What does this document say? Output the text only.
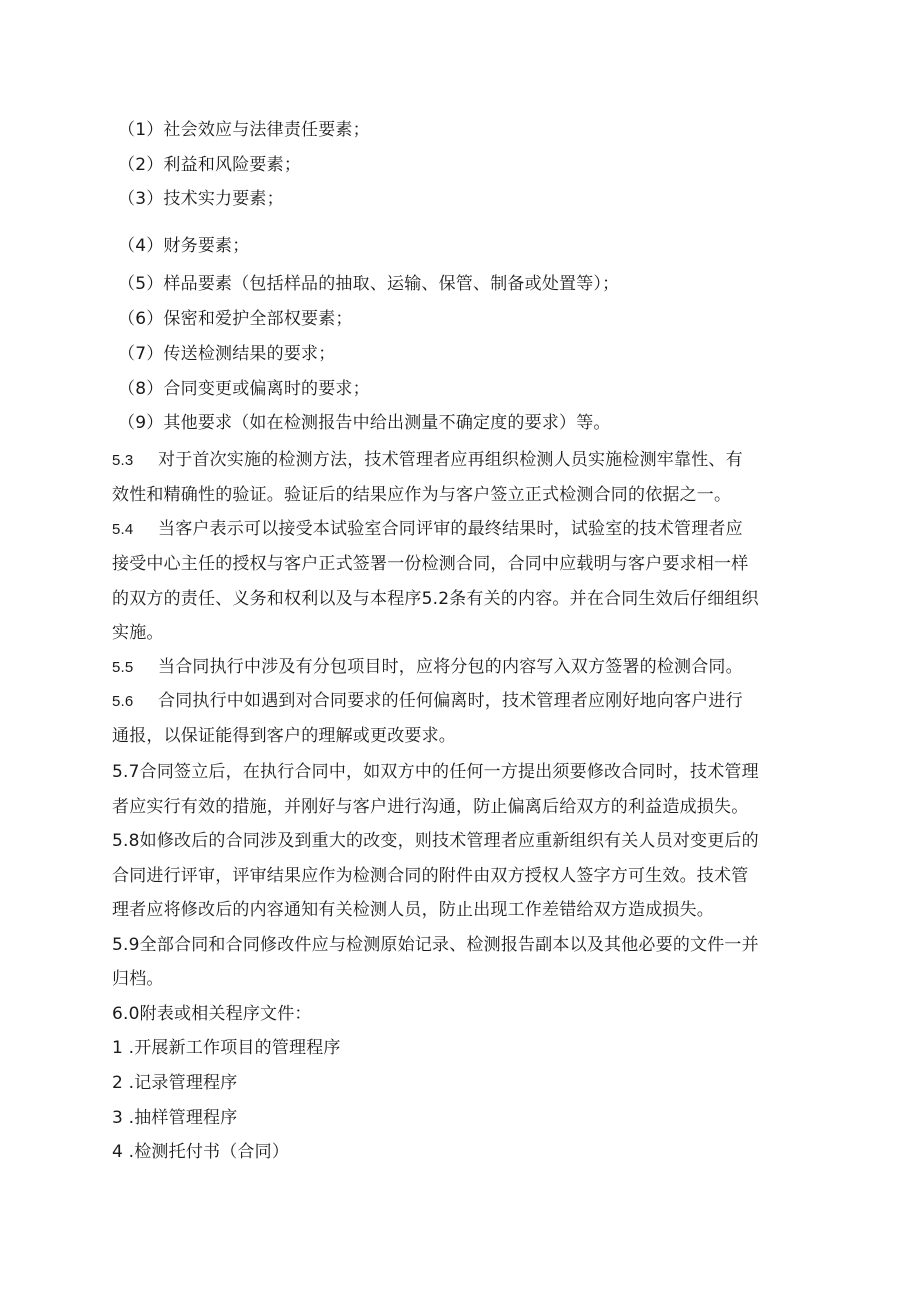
（1）社会效应与法律责任要素；
（2）利益和风险要素；
（3）技术实力要素；
（4）财务要素；
（5）样品要素（包括样品的抽取、运输、保管、制备或处置等）；
（6）保密和爱护全部权要素；
（7）传送检测结果的要求；
（8）合同变更或偏离时的要求；
（9）其他要求（如在检测报告中给出测量不确定度的要求）等。
5.3 对于首次实施的检测方法，技术管理者应再组织检测人员实施检测牢靠性、有
效性和精确性的验证。验证后的结果应作为与客户签立正式检测合同的依据之一。
5.4 当客户表示可以接受本试验室合同评审的最终结果时，试验室的技术管理者应
接受中心主任的授权与客户正式签署一份检测合同，合同中应载明与客户要求相一样
的双方的责任、义务和权利以及与本程序5.2条有关的内容。并在合同生效后仔细组织
实施。
5.5 当合同执行中涉及有分包项目时，应将分包的内容写入双方签署的检测合同。
5.6 合同执行中如遇到对合同要求的任何偏离时，技术管理者应刚好地向客户进行
通报，以保证能得到客户的理解或更改要求。
5.7合同签立后，在执行合同中，如双方中的任何一方提出须要修改合同时，技术管理
者应实行有效的措施，并刚好与客户进行沟通，防止偏离后给双方的利益造成损失。
5.8如修改后的合同涉及到重大的改变，则技术管理者应重新组织有关人员对变更后的
合同进行评审，评审结果应作为检测合同的附件由双方授权人签字方可生效。技术管
理者应将修改后的内容通知有关检测人员，防止出现工作差错给双方造成损失。
5.9全部合同和合同修改件应与检测原始记录、检测报告副本以及其他必要的文件一并
归档。
6.0附表或相关程序文件：
1 .开展新工作项目的管理程序
2 .记录管理程序
3 .抽样管理程序
4 .检测托付书（合同）
